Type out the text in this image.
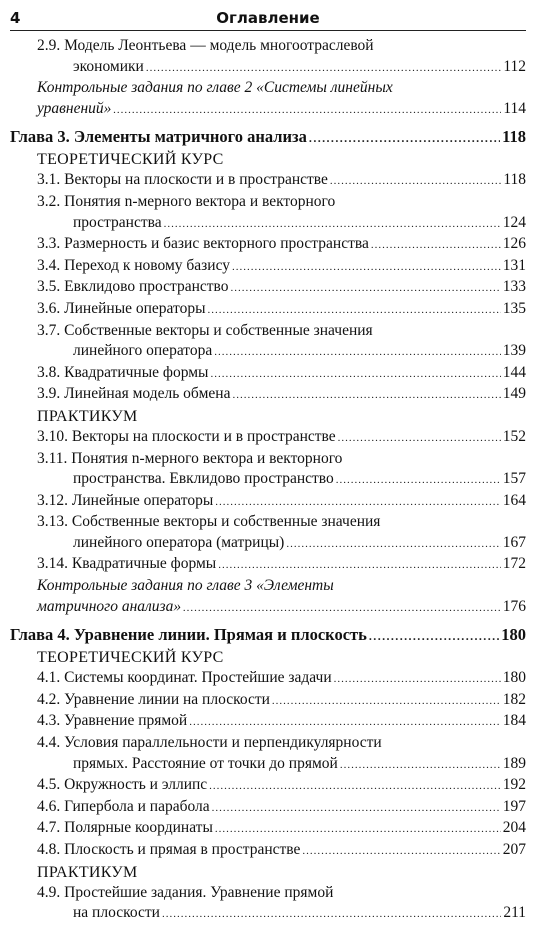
4	Оглавление
2.9. Модель Леонтьева — модель многоотраслевой
экономики .....	112
Контрольные задания по главе 2 «Системы линейных
уравнений» .....	114
Глава 3. Элементы матричного анализа .....	118
ТЕОРЕТИЧЕСКИЙ КУРС
3.1. Векторы на плоскости и в пространстве .....	118
3.2. Понятия n-мерного вектора и векторного
пространства .....	124
3.3. Размерность и базис векторного пространства .....	126
3.4. Переход к новому базису .....	131
3.5. Евклидово пространство .....	133
3.6. Линейные операторы .....	135
3.7. Собственные векторы и собственные значения
линейного оператора .....	139
3.8. Квадратичные формы .....	144
3.9. Линейная модель обмена .....	149
ПРАКТИКУМ
3.10. Векторы на плоскости и в пространстве .....	152
3.11. Понятия n-мерного вектора и векторного
пространства. Евклидово пространство .....	157
3.12. Линейные операторы .....	164
3.13. Собственные векторы и собственные значения
линейного оператора (матрицы) .....	167
3.14. Квадратичные формы .....	172
Контрольные задания по главе 3 «Элементы
матричного анализа» .....	176
Глава 4. Уравнение линии. Прямая и плоскость .....	180
ТЕОРЕТИЧЕСКИЙ КУРС
4.1. Системы координат. Простейшие задачи .....	180
4.2. Уравнение линии на плоскости .....	182
4.3. Уравнение прямой .....	184
4.4. Условия параллельности и перпендикулярности
прямых. Расстояние от точки до прямой .....	189
4.5. Окружность и эллипс .....	192
4.6. Гипербола и парабола .....	197
4.7. Полярные координаты .....	204
4.8. Плоскость и прямая в пространстве .....	207
ПРАКТИКУМ
4.9. Простейшие задания. Уравнение прямой
на плоскости .....	211
